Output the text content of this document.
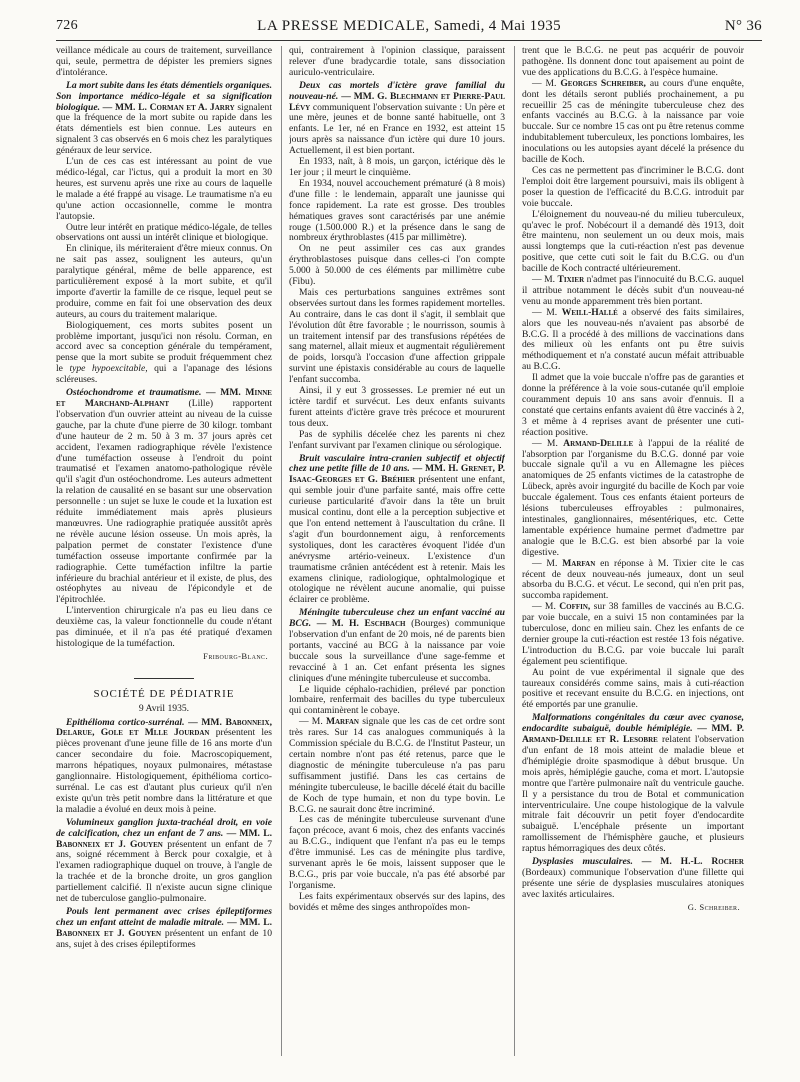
726	LA PRESSE MEDICALE, Samedi, 4 Mai 1935	N° 36

veillance médicale au cours de traitement, surveillance qui, seule, permettra de dépister les premiers signes d'intolérance.

La mort subite dans les états démentiels organiques. Son importance médico-légale et sa signification biologique. — MM. L. Corman et A. Jarry signalent que la fréquence de la mort subite ou rapide dans les états démentiels est bien connue. Les auteurs en signalent 3 cas observés en 6 mois chez les paralytiques généraux de leur service.

L'un de ces cas est intéressant au point de vue médico-légal, car l'ictus, qui a produit la mort en 30 heures, est survenu après une rixe au cours de laquelle le malade a été frappé au visage. Le traumatisme n'a eu qu'une action occasionnelle, comme le montra l'autopsie.

Outre leur intérêt en pratique médico-légale, de telles observations ont aussi un intérêt clinique et biologique.

En clinique, ils mériteraient d'être mieux connus. On ne sait pas assez, soulignent les auteurs, qu'un paralytique général, même de belle apparence, est particulièrement exposé à la mort subite, et qu'il importe d'avertir la famille de ce risque, lequel peut se produire, comme en fait foi une observation des deux auteurs, au cours du traitement malarique.

Biologiquement, ces morts subites posent un problème important, jusqu'ici non résolu. Corman, en accord avec sa conception générale du tempérament, pense que la mort subite se produit fréquemment chez le type hypoexcitable, qui a l'apanage des lésions scléreuses.

Ostéochondrome et traumatisme. — MM. Minne et Marchand-Alphant (Lille) rapportent l'observation d'un ouvrier atteint au niveau de la cuisse gauche, par la chute d'une pierre de 30 kilogr. tombant d'une hauteur de 2 m. 50 à 3 m. 37 jours après cet accident, l'examen radiographique révèle l'existence d'une tuméfaction osseuse à l'endroit du point traumatisé et l'examen anatomo-pathologique révèle qu'il s'agit d'un ostéochondrome. Les auteurs admettent la relation de causalité en se basant sur une observation personnelle : un sujet se luxe le coude et la luxation est réduite immédiatement mais après plusieurs manœuvres. Une radiographie pratiquée aussitôt après ne révèle aucune lésion osseuse. Un mois après, la palpation permet de constater l'existence d'une tuméfaction osseuse importante confirmée par la radiographie. Cette tuméfaction infiltre la partie inférieure du brachial antérieur et il existe, de plus, des ostéophytes au niveau de l'épicondyle et de l'épitrochlée.

L'intervention chirurgicale n'a pas eu lieu dans ce deuxième cas, la valeur fonctionnelle du coude n'étant pas diminuée, et il n'a pas été pratiqué d'examen histologique de la tuméfaction.

Fribourg-Blanc.
SOCIÉTÉ DE PÉDIATRIE
9 Avril 1935.

Epithélioma cortico-surrénal. — MM. Babonneix, Delarue, Gole et Mlle Jourdan présentent les pièces provenant d'une jeune fille de 16 ans morte d'un cancer secondaire du foie. Macroscopiquement, marrons hépatiques, noyaux pulmonaires, métastase ganglionnaire. Histologiquement, épithélioma cortico-surrénal. Le cas est d'autant plus curieux qu'il n'en existe qu'un très petit nombre dans la littérature et que la maladie a évolué en deux mois à peine.

Volumineux ganglion juxta-trachéal droit, en voie de calcification, chez un enfant de 7 ans. — MM. L. Babonneix et J. Gouyen présentent un enfant de 7 ans, soigné récemment à Berck pour coxalgie, et à l'examen radiographique duquel on trouve, à l'angle de la trachée et de la bronche droite, un gros ganglion partiellement calcifié. Il n'existe aucun signe clinique net de tuberculose ganglio-pulmonaire.

Pouls lent permanent avec crises épileptiformes chez un enfant atteint de maladie mitrale. — MM. L. Babonneix et J. Gouyen présentent un enfant de 10 ans, sujet à des crises épileptiformes

qui, contrairement à l'opinion classique, paraissent relever d'une bradycardie totale, sans dissociation auriculo-ventriculaire.

Deux cas mortels d'ictère grave familial du nouveau-né. — MM. G. Blechmann et Pierre-Paul Lévy communiquent l'observation suivante : Un père et une mère, jeunes et de bonne santé habituelle, ont 3 enfants. Le 1er, né en France en 1932, est atteint 15 jours après sa naissance d'un ictère qui dure 10 jours. Actuellement, il est bien portant.

En 1933, naît, à 8 mois, un garçon, ictérique dès le 1er jour ; il meurt le cinquième.

En 1934, nouvel accouchement prématuré (à 8 mois) d'une fille : le lendemain, apparaît une jaunisse qui fonce rapidement. La rate est grosse. Des troubles hématiques graves sont caractérisés par une anémie rouge (1.500.000 R.) et la présence dans le sang de nombreux érythroblastes (415 par millimètre).

On ne peut assimiler ces cas aux grandes érythroblastoses puisque dans celles-ci l'on compte 5.000 à 50.000 de ces éléments par millimètre cube (Fibu).

Mais ces perturbations sanguines extrêmes sont observées surtout dans les formes rapidement mortelles. Au contraire, dans le cas dont il s'agit, il semblait que l'évolution dût être favorable ; le nourrisson, soumis à un traitement intensif par des transfusions répétées de sang maternel, allait mieux et augmentait régulièrement de poids, lorsqu'à l'occasion d'une affection grippale survint une épistaxis considérable au cours de laquelle l'enfant succomba.

Ainsi, il y eut 3 grossesses. Le premier né eut un ictère tardif et survécut. Les deux enfants suivants furent atteints d'ictère grave très précoce et moururent tous deux.

Pas de syphilis décelée chez les parents ni chez l'enfant survivant par l'examen clinique ou sérologique.

Bruit vasculaire intra-cranien subjectif et objectif chez une petite fille de 10 ans. — MM. H. Grenet, P. Isaac-Georges et G. Bréhier présentent une enfant, qui semble jouir d'une parfaite santé, mais offre cette curieuse particularité d'avoir dans la tête un bruit musical continu, dont elle a la perception subjective et que l'on entend nettement à l'auscultation du crâne. Il s'agit d'un bourdonnement aigu, à renforcements systoliques, dont les caractères évoquent l'idée d'un anévrysme artério-veineux. L'existence d'un traumatisme crânien antécédent est à retenir. Mais les examens clinique, radiologique, ophtalmologique et otologique ne révèlent aucune anomalie, qui puisse éclairer ce problème.

Méningite tuberculeuse chez un enfant vacciné au BCG. — M. H. Eschbach (Bourges) communique l'observation d'un enfant de 20 mois, né de parents bien portants, vacciné au BCG à la naissance par voie buccale sous la surveillance d'une sage-femme et revacciné à 1 an. Cet enfant présenta les signes cliniques d'une méningite tuberculeuse et succomba.

Le liquide céphalo-rachidien, prélevé par ponction lombaire, renfermait des bacilles du type tuberculeux qui contaminèrent le cobaye.

— M. Marfan signale que les cas de cet ordre sont très rares. Sur 14 cas analogues communiqués à la Commission spéciale du B.C.G. de l'Institut Pasteur, un certain nombre n'ont pas été retenus, parce que le diagnostic de méningite tuberculeuse n'a pas paru suffisamment justifié. Dans les cas certains de méningite tuberculeuse, le bacille décelé était du bacille de Koch de type humain, et non du type bovin. Le B.C.G. ne saurait donc être incriminé.

Les cas de méningite tuberculeuse survenant d'une façon précoce, avant 6 mois, chez des enfants vaccinés au B.C.G., indiquent que l'enfant n'a pas eu le temps d'être immunisé. Les cas de méningite plus tardive, survenant après le 6e mois, laissent supposer que le B.C.G., pris par voie buccale, n'a pas été absorbé par l'organisme.

Les faits expérimentaux observés sur des lapins, des bovidés et même des singes anthropoïdes mon-

trent que le B.C.G. ne peut pas acquérir de pouvoir pathogène. Ils donnent donc tout apaisement au point de vue des applications du B.C.G. à l'espèce humaine.

— M. Georges Schreiber, au cours d'une enquête, dont les détails seront publiés prochainement, a pu recueillir 25 cas de méningite tuberculeuse chez des enfants vaccinés au B.C.G. à la naissance par voie buccale. Sur ce nombre 15 cas ont pu être retenus comme indubitablement tuberculeux, les ponctions lombaires, les inoculations ou les autopsies ayant décelé la présence du bacille de Koch.

Ces cas ne permettent pas d'incriminer le B.C.G. dont l'emploi doit être largement poursuivi, mais ils obligent à poser la question de l'efficacité du B.C.G. introduit par voie buccale.

L'éloignement du nouveau-né du milieu tuberculeux, qu'avec le prof. Nobécourt il a demandé dès 1913, doit être maintenu, non seulement un ou deux mois, mais aussi longtemps que la cuti-réaction n'est pas devenue positive, que cette cuti soit le fait du B.C.G. ou d'un bacille de Koch contracté ultérieurement.

— M. Tixier n'admet pas l'innocuité du B.C.G. auquel il attribue notamment le décès subit d'un nouveau-né venu au monde apparemment très bien portant.

— M. Weill-Hallé a observé des faits similaires, alors que les nouveau-nés n'avaient pas absorbé de B.C.G. Il a procédé à des millions de vaccinations dans des milieux où les enfants ont pu être suivis méthodiquement et n'a constaté aucun méfait attribuable au B.C.G.

Il admet que la voie buccale n'offre pas de garanties et donne la préférence à la voie sous-cutanée qu'il emploie couramment depuis 10 ans sans avoir d'ennuis. Il a constaté que certains enfants avaient dû être vaccinés à 2, 3 et même à 4 reprises avant de présenter une cuti-réaction positive.

— M. Armand-Delille à l'appui de la réalité de l'absorption par l'organisme du B.C.G. donné par voie buccale signale qu'il a vu en Allemagne les pièces anatomiques de 25 enfants victimes de la catastrophe de Lübeck, après avoir ingurgité du bacille de Koch par voie buccale également. Tous ces enfants étaient porteurs de lésions tuberculeuses effroyables : pulmonaires, intestinales, ganglionnaires, mésentériques, etc. Cette lamentable expérience humaine permet d'admettre par analogie que le B.C.G. est bien absorbé par la voie digestive.

— M. Marfan en réponse à M. Tixier cite le cas récent de deux nouveau-nés jumeaux, dont un seul absorba du B.C.G. et vécut. Le second, qui n'en prit pas, succomba rapidement.

— M. Coffin, sur 38 familles de vaccinés au B.C.G. par voie buccale, en a suivi 15 non contaminées par la tuberculose, donc en milieu sain. Chez les enfants de ce dernier groupe la cuti-réaction est restée 13 fois négative. L'introduction du B.C.G. par voie buccale lui paraît également peu scientifique.

Au point de vue expérimental il signale que des taureaux considérés comme sains, mais à cuti-réaction positive et recevant ensuite du B.C.G. en injections, ont été emportés par une granulie.

Malformations congénitales du cœur avec cyanose, endocardite subaiguë, double hémiplégie. — MM. P. Armand-Delille et R. Lesobre relatent l'observation d'un enfant de 18 mois atteint de maladie bleue et d'hémiplégie droite spasmodique à début brusque. Un mois après, hémiplégie gauche, coma et mort. L'autopsie montre que l'artère pulmonaire naît du ventricule gauche. Il y a persistance du trou de Botal et communication interventriculaire. Une coupe histologique de la valvule mitrale fait découvrir un petit foyer d'endocardite subaiguë. L'encéphale présente un important ramollissement de l'hémisphère gauche, et plusieurs raptus hémorragiques des deux côtés.

Dysplasies musculaires. — M. H.-L. Rocher (Bordeaux) communique l'observation d'une fillette qui présente une série de dysplasies musculaires atoniques avec laxités articulaires.

G. Schreiber.
